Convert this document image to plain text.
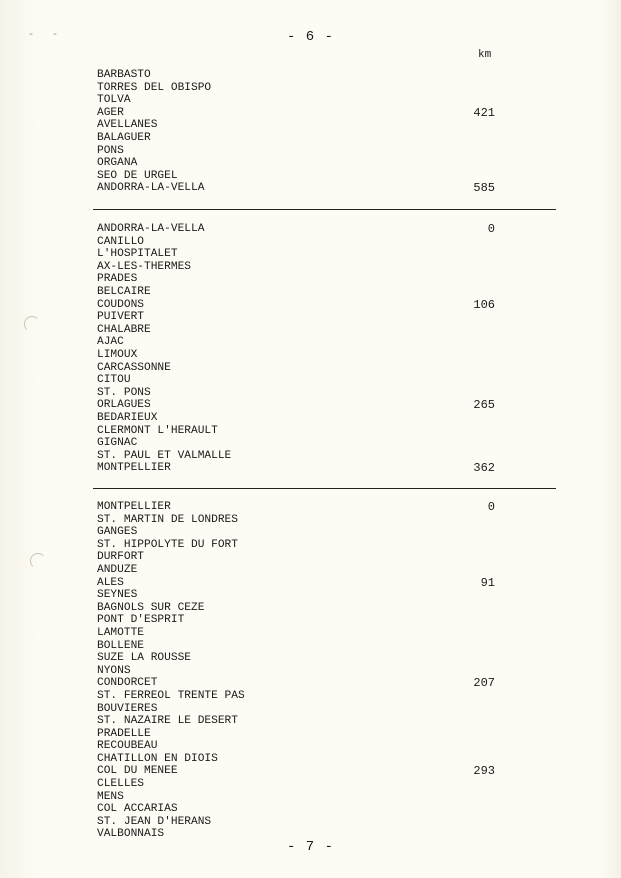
-  -	- 6 -
km
BARBASTO
TORRES DEL OBISPO
TOLVA
AGER	421
AVELLANES
BALAGUER
PONS
ORGANA
SEO DE URGEL
ANDORRA-LA-VELLA	585
ANDORRA-LA-VELLA	0
CANILLO
L'HOSPITALET
AX-LES-THERMES
PRADES
BELCAIRE
COUDONS	106
PUIVERT
CHALABRE
AJAC
LIMOUX
CARCASSONNE
CITOU
ST. PONS
ORLAGUES	265
BEDARIEUX
CLERMONT L'HERAULT
GIGNAC
ST. PAUL ET VALMALLE
MONTPELLIER	362
MONTPELLIER	0
ST. MARTIN DE LONDRES
GANGES
ST. HIPPOLYTE DU FORT
DURFORT
ANDUZE
ALES	91
SEYNES
BAGNOLS SUR CEZE
PONT D'ESPRIT
LAMOTTE
BOLLENE
SUZE LA ROUSSE
NYONS
CONDORCET	207
ST. FERREOL TRENTE PAS
BOUVIERES
ST. NAZAIRE LE DESERT
PRADELLE
RECOUBEAU
CHATILLON EN DIOIS
COL DU MENEE	293
CLELLES
MENS
COL ACCARIAS
ST. JEAN D'HERANS
VALBONNAIS
- 7 -
